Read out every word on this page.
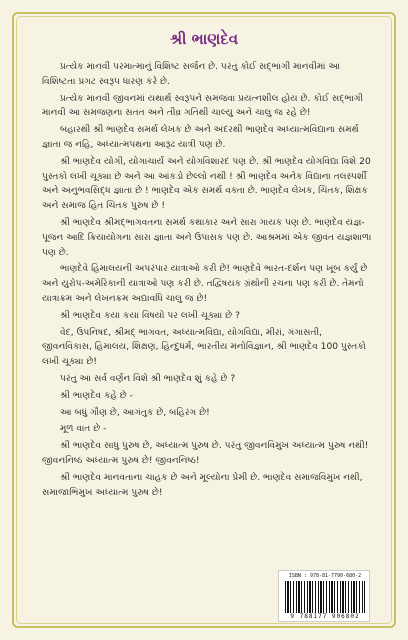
શ્રી ભાણદેવ

પ્રત્યેક માનવી પરમાત્માનું વિશિષ્ટ સર્જન છે. પરંતુ કોઈ સદ્ભાગી માનવીમાં આ વિશિષ્ટતા પ્રગટ સ્વરૂપ ધારણ કરે છે.

પ્રત્યેક માનવી જીવનમાં યથાર્થ સ્વરૂપને સમજવા પ્રયત્નશીલ હોય છે. કોઈ સદ્ભાગી માનવી આ સમજણના સતત અને તીવ્ર ગતિથી ચાલ્યુ અને ચાલુ જ રહે છે!

બહારથી શ્રી ભાણદેવ સમર્થ લેખક છે અને અંદરથી ભાણદેવ અધ્યાત્મવિદ્યાના સમર્થ જ્ઞાતા જ નહિ, અધ્યાત્મપથના આરૂઢ યાત્રી પણ છે.

શ્રી ભાણદેવ યોગી, યોગાચાર્ય અને યોગવિશારદ પણ છે. શ્રી ભાણદેવ યોગવિદ્યા વિશે 20 પુસ્તકો લખી ચૂક્યા છે અને આ આંકડો છેલ્લો નથી ! શ્રી ભાણદેવ અનેક વિદ્યાના તલસ્પર્શી અને અનુભવસિદ્ધ જ્ઞાતા છે ! ભાણદેવ એક સમર્થ વક્તા છે. ભાણદેવ લેખક, ચિંતક, શિક્ષક અને સમાજ હિત ચિંતક પુરુષ છે !

શ્રી ભાણદેવ શ્રીમદ્ભાગવતના સમર્થ કથાકાર અને સારા ગાયક પણ છે. ભાણદેવ યજ્ઞ-પૂજન આદિ ક્રિયાયોગના સારા જ્ઞાતા અને ઉપાસક પણ છે. આશ્રમમાં એક જીવંત યજ્ઞશાળા પણ છે.

ભાણદેવે હિમાલયની અપરંપાર યાત્રાઓ કરી છે! ભાણદેવે ભારત-દર્શન પણ ખૂબ કર્યું છે અને યુરોપ-અમેરિકાની યાત્રાઓ પણ કરી છે. તદ્વિષયક ગ્રંથોની રચના પણ કરી છે. તેમનો યાત્રાક્રમ અને લેખનક્રમ અદ્યાવધિ ચાલુ જ છે!

શ્રી ભાણદેવ કયા કયા વિષયો પર લખી ચૂક્યા છે ?

વેદ, ઉપનિષદ, શ્રીમદ્ ભાગવત, અધ્યાત્મવિદ્યા, યોગવિદ્યા, મીરાં, ગંગાસતી, જીવનવિકાસ, હિમાલય, શિક્ષણ, હિન્દુધર્મ, ભારતીય મનોવિજ્ઞાન, શ્રી ભાણદેવ 100 પુસ્તકો લખી ચૂક્યા છે!

પરંતુ આ સર્વ વર્ણન વિશે શ્રી ભાણદેવ શું કહે છે ?

શ્રી ભાણદેવ કહે છે -

આ બધું ગૌણ છે, આગંતુક છે, બહિરંગ છે!

મૂળ વાત છે -

શ્રી ભાણદેવ સાધુ પુરુષ છે, અધ્યાત્મ પુરુષ છે. પરંતુ જીવનવિમુખ અધ્યાત્મ પુરુષ નથી! જીવનનિષ્ઠ અધ્યાત્મ પુરુષ છે! જીવનનિષ્ઠ!

શ્રી ભાણદેવ માનવતાના ચાહક છે અને મૂલ્યોના પ્રેમી છે. ભાણદેવ સમાજવિમુખ નથી, સમાજાભિમુખ અધ્યાત્મ પુરુષ છે!

ISBN : 978-81-7790-680-2
9 788177 906802
